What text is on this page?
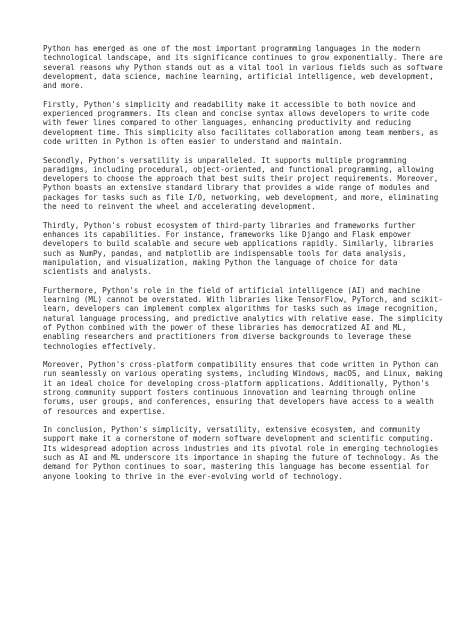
Python has emerged as one of the most important programming languages in the modern technological landscape, and its significance continues to grow exponentially. There are several reasons why Python stands out as a vital tool in various fields such as software development, data science, machine learning, artificial intelligence, web development, and more.

Firstly, Python's simplicity and readability make it accessible to both novice and experienced programmers. Its clean and concise syntax allows developers to write code with fewer lines compared to other languages, enhancing productivity and reducing development time. This simplicity also facilitates collaboration among team members, as code written in Python is often easier to understand and maintain.

Secondly, Python's versatility is unparalleled. It supports multiple programming paradigms, including procedural, object-oriented, and functional programming, allowing developers to choose the approach that best suits their project requirements. Moreover, Python boasts an extensive standard library that provides a wide range of modules and packages for tasks such as file I/O, networking, web development, and more, eliminating the need to reinvent the wheel and accelerating development.

Thirdly, Python's robust ecosystem of third-party libraries and frameworks further enhances its capabilities. For instance, frameworks like Django and Flask empower developers to build scalable and secure web applications rapidly. Similarly, libraries such as NumPy, pandas, and matplotlib are indispensable tools for data analysis, manipulation, and visualization, making Python the language of choice for data scientists and analysts.

Furthermore, Python's role in the field of artificial intelligence (AI) and machine learning (ML) cannot be overstated. With libraries like TensorFlow, PyTorch, and scikit-learn, developers can implement complex algorithms for tasks such as image recognition, natural language processing, and predictive analytics with relative ease. The simplicity of Python combined with the power of these libraries has democratized AI and ML, enabling researchers and practitioners from diverse backgrounds to leverage these technologies effectively.

Moreover, Python's cross-platform compatibility ensures that code written in Python can run seamlessly on various operating systems, including Windows, macOS, and Linux, making it an ideal choice for developing cross-platform applications. Additionally, Python's strong community support fosters continuous innovation and learning through online forums, user groups, and conferences, ensuring that developers have access to a wealth of resources and expertise.

In conclusion, Python's simplicity, versatility, extensive ecosystem, and community support make it a cornerstone of modern software development and scientific computing. Its widespread adoption across industries and its pivotal role in emerging technologies such as AI and ML underscore its importance in shaping the future of technology. As the demand for Python continues to soar, mastering this language has become essential for anyone looking to thrive in the ever-evolving world of technology.
